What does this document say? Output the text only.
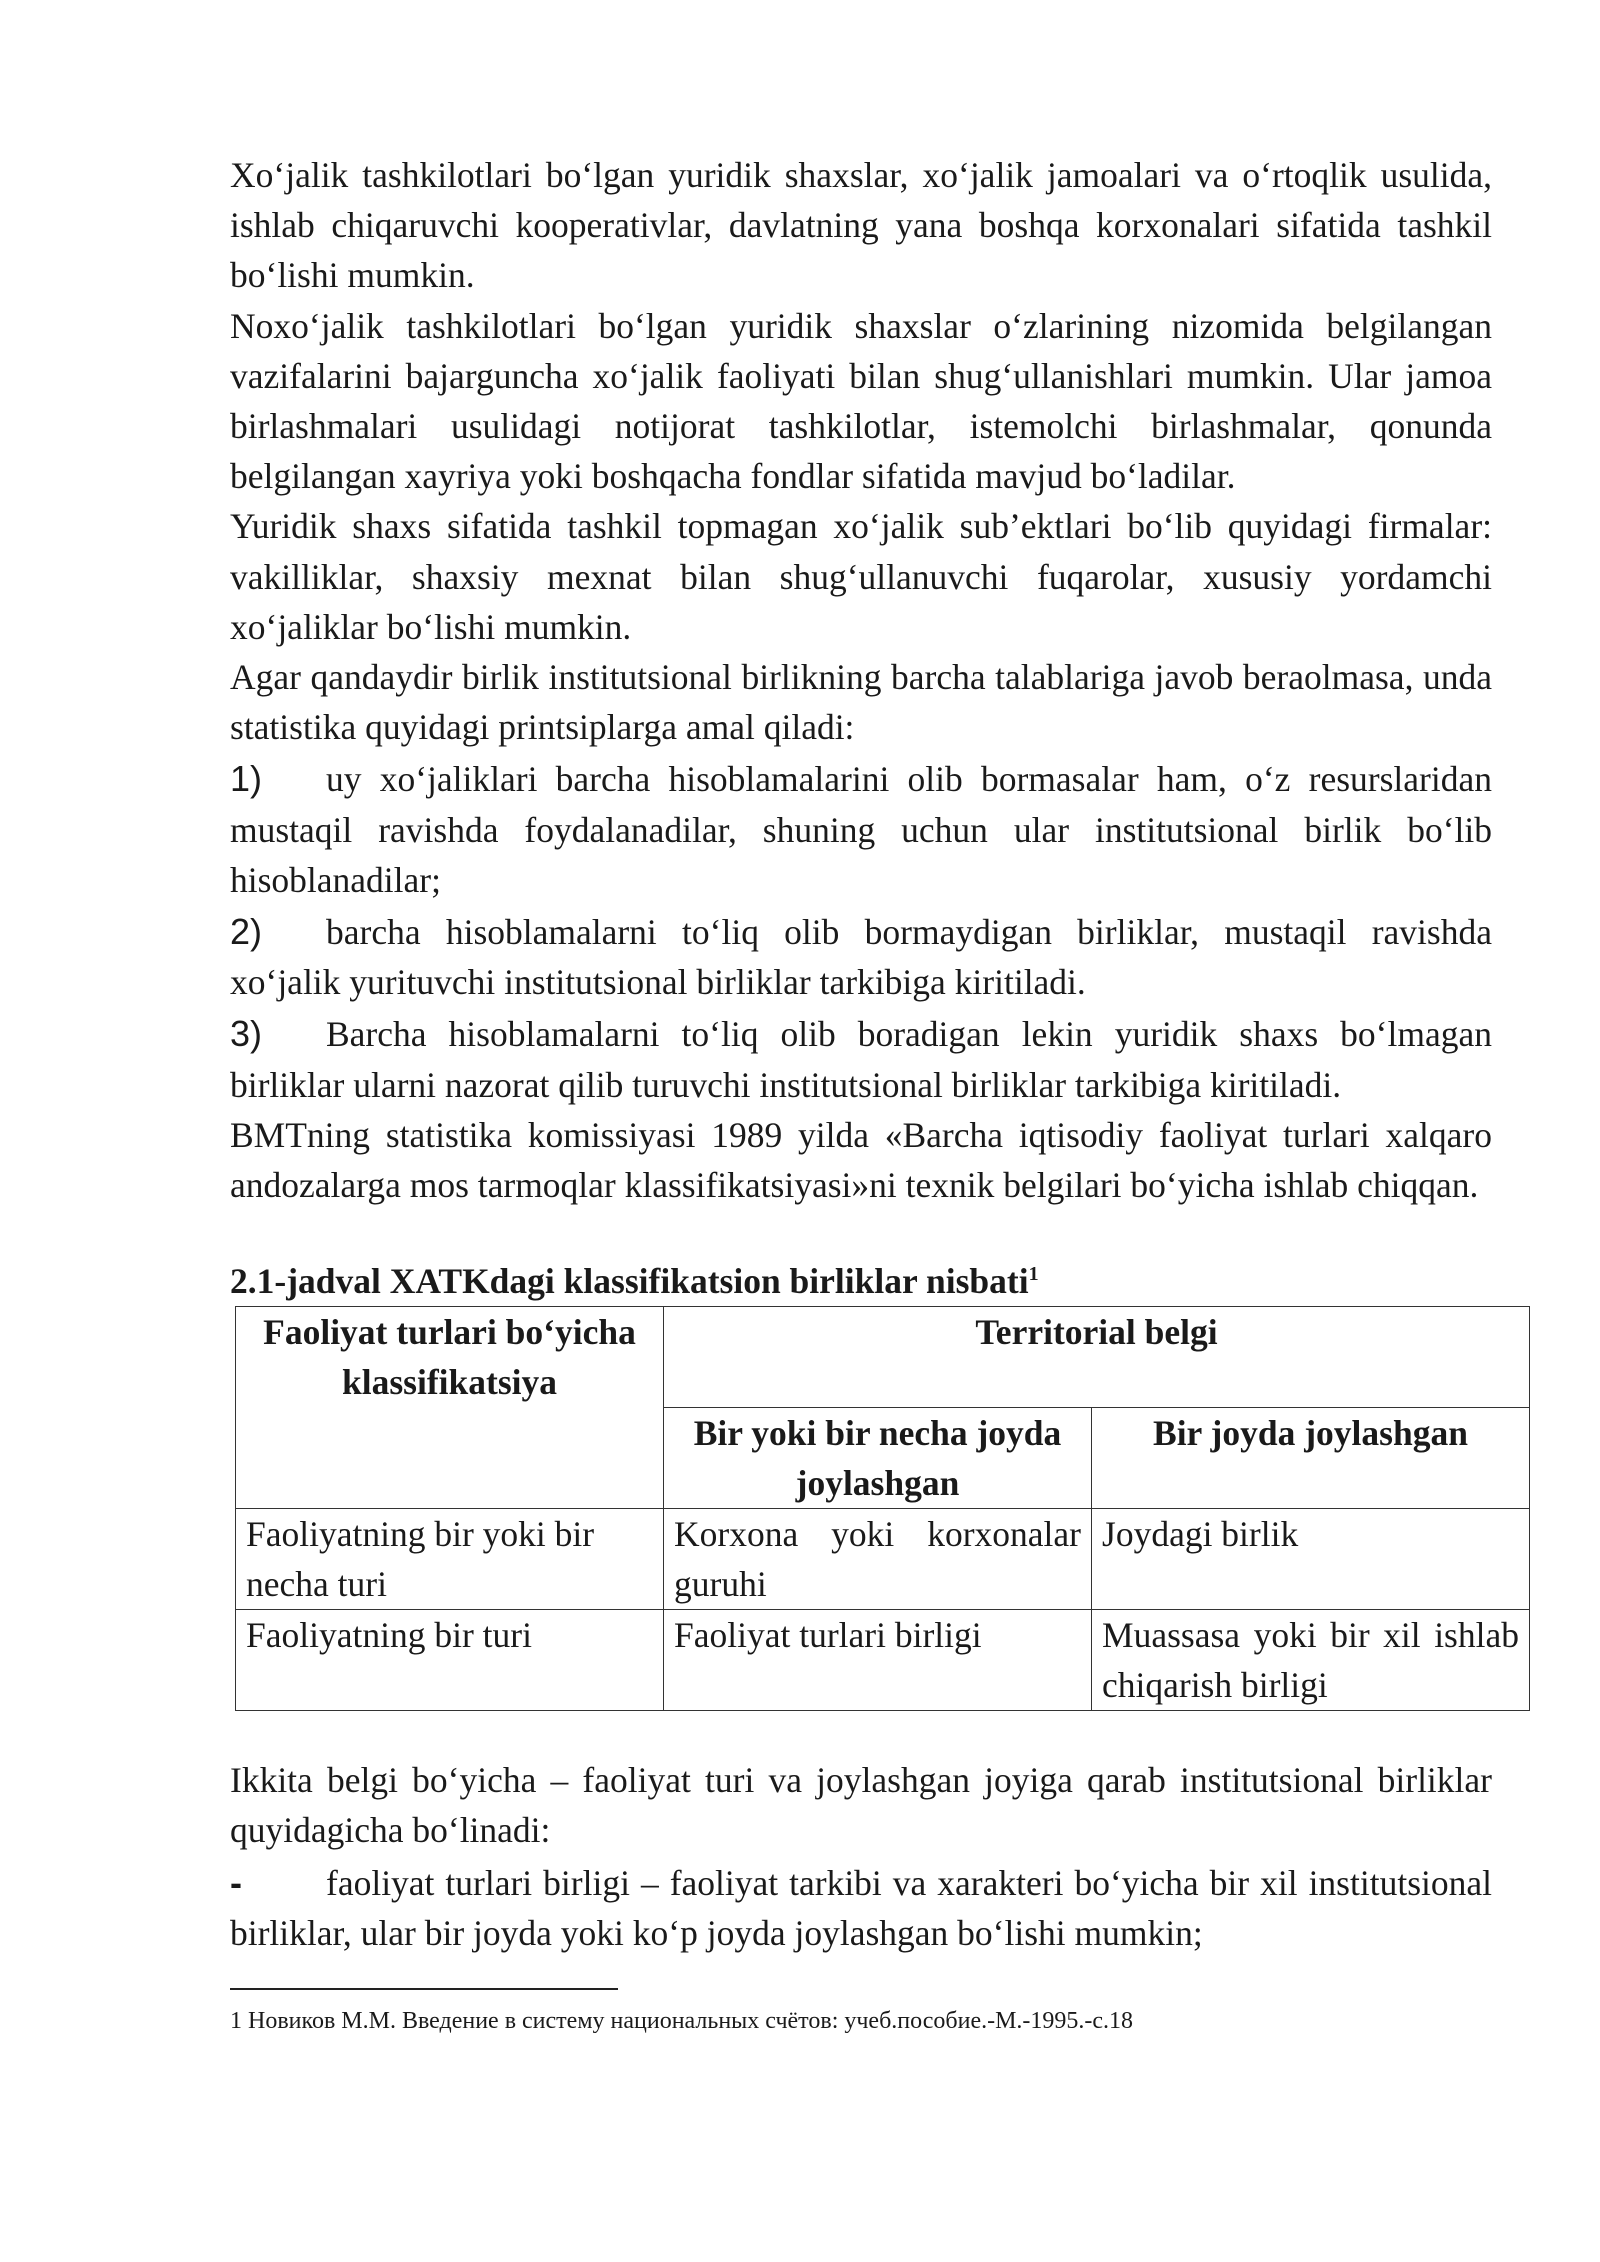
Xo‘jalik tashkilotlari bo‘lgan yuridik shaxslar, xo‘jalik jamoalari va o‘rtoqlik usulida, ishlab chiqaruvchi kooperativlar, davlatning yana boshqa korxonalari sifatida tashkil bo‘lishi mumkin.

Noxo‘jalik tashkilotlari bo‘lgan yuridik shaxslar o‘zlarining nizomida belgilangan vazifalarini bajarguncha xo‘jalik faoliyati bilan shug‘ullanishlari mumkin. Ular jamoa birlashmalari usulidagi notijorat tashkilotlar, istemolchi birlashmalar, qonunda belgilangan xayriya yoki boshqacha fondlar sifatida mavjud bo‘ladilar.

Yuridik shaxs sifatida tashkil topmagan xo‘jalik sub’ektlari bo‘lib quyidagi firmalar: vakilliklar, shaxsiy mexnat bilan shug‘ullanuvchi fuqarolar, xususiy yordamchi xo‘jaliklar bo‘lishi mumkin.

Agar qandaydir birlik institutsional birlikning barcha talablariga javob beraolmasa, unda statistika quyidagi printsiplarga amal qiladi:

1) uy xo‘jaliklari barcha hisoblamalarini olib bormasalar ham, o‘z resurslaridan mustaqil ravishda foydalanadilar, shuning uchun ular institutsional birlik bo‘lib hisoblanadilar;

2) barcha hisoblamalarni to‘liq olib bormaydigan birliklar, mustaqil ravishda xo‘jalik yurituvchi institutsional birliklar tarkibiga kiritiladi.

3) Barcha hisoblamalarni to‘liq olib boradigan lekin yuridik shaxs bo‘lmagan birliklar ularni nazorat qilib turuvchi institutsional birliklar tarkibiga kiritiladi.

BMTning statistika komissiyasi 1989 yilda «Barcha iqtisodiy faoliyat turlari xalqaro andozalarga mos tarmoqlar klassifikatsiyasi»ni texnik belgilari bo‘yicha ishlab chiqqan.

2.1-jadval XATKdagi klassifikatsion birliklar nisbati$^1$

Faoliyat turlari bo‘yicha klassifikatsiya	Territorial belgi	
	Bir yoki bir necha joyda joylashgan	Bir joyda joylashgan
Faoliyatning bir yoki bir necha turi	Korxona yoki korxonalar guruhi	Joydagi birlik
Faoliyatning bir turi	Faoliyat turlari birligi	Muassasa yoki bir xil ishlab chiqarish birligi

Ikkita belgi bo‘yicha – faoliyat turi va joylashgan joyiga qarab institutsional birliklar quyidagicha bo‘linadi:

- faoliyat turlari birligi – faoliyat tarkibi va xarakteri bo‘yicha bir xil institutsional birliklar, ular bir joyda yoki ko‘p joyda joylashgan bo‘lishi mumkin;

1 Новиков М.М. Введение в систему национальных счётов: учеб.пособие.-М.-1995.-с.18
